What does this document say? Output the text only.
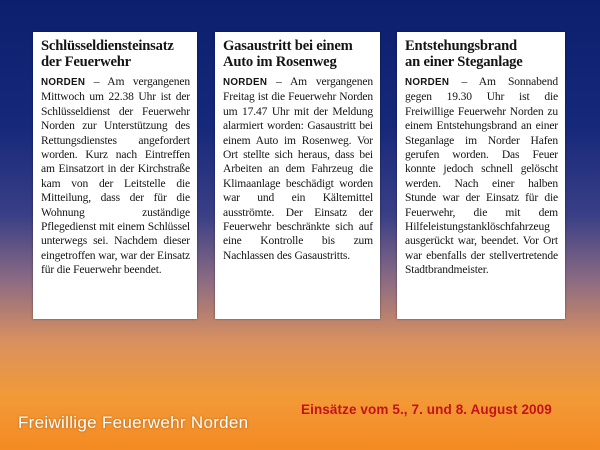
Schlüsseldiensteinsatz
der Feuerwehr

NORDEN – Am vergangenen Mittwoch um 22.38 Uhr ist der Schlüsseldienst der Feuerwehr Norden zur Unterstützung des Rettungsdienstes angefordert worden. Kurz nach Eintreffen am Einsatzort in der Kirchstraße kam von der Leitstelle die Mitteilung, dass der für die Wohnung zuständige Pflegedienst mit einem Schlüssel unterwegs sei. Nachdem dieser eingetroffen war, war der Einsatz für die Feuerwehr beendet.

Gasaustritt bei einem
Auto im Rosenweg

NORDEN – Am vergangenen Freitag ist die Feuerwehr Norden um 17.47 Uhr mit der Meldung alarmiert worden: Gasaustritt bei einem Auto im Rosenweg. Vor Ort stellte sich heraus, dass bei Arbeiten an dem Fahrzeug die Klimaanlage beschädigt worden war und ein Kältemittel ausströmte. Der Einsatz der Feuerwehr beschränkte sich auf eine Kontrolle bis zum Nachlassen des Gasaustritts.

Entstehungsbrand
an einer Steganlage

NORDEN – Am Sonnabend gegen 19.30 Uhr ist die Freiwillige Feuerwehr Norden zu einem Entstehungsbrand an einer Steganlage im Norder Hafen gerufen worden. Das Feuer konnte jedoch schnell gelöscht werden. Nach einer halben Stunde war der Einsatz für die Feuerwehr, die mit dem Hilfeleistungstanklöschfahrzeug ausgerückt war, beendet. Vor Ort war ebenfalls der stellvertretende Stadtbrandmeister.

Einsätze vom 5., 7. und 8. August 2009
Freiwillige Feuerwehr Norden
